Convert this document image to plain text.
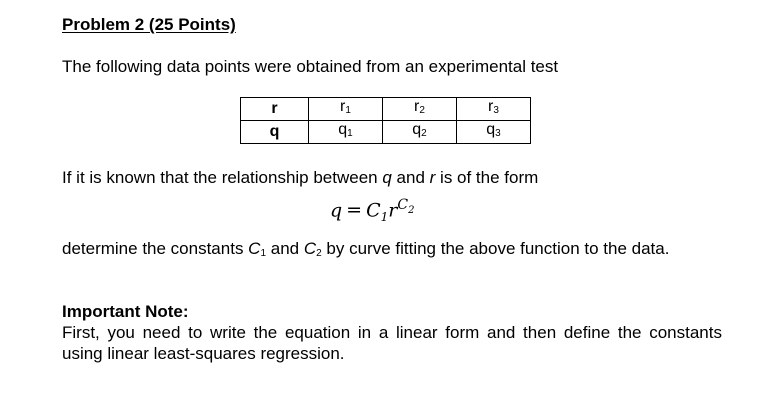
Problem 2 (25 Points)
The following data points were obtained from an experimental test
r	$r_1$	$r_2$	$r_3$
q	$q_1$	$q_2$	$q_3$
If it is known that the relationship between q and r is of the form
$q = C_1r^{C_2}$
determine the constants $C_1$ and $C_2$ by curve fitting the above function to the data.
Important Note:
First, you need to write the equation in a linear form and then define the constants using linear least-squares regression.
